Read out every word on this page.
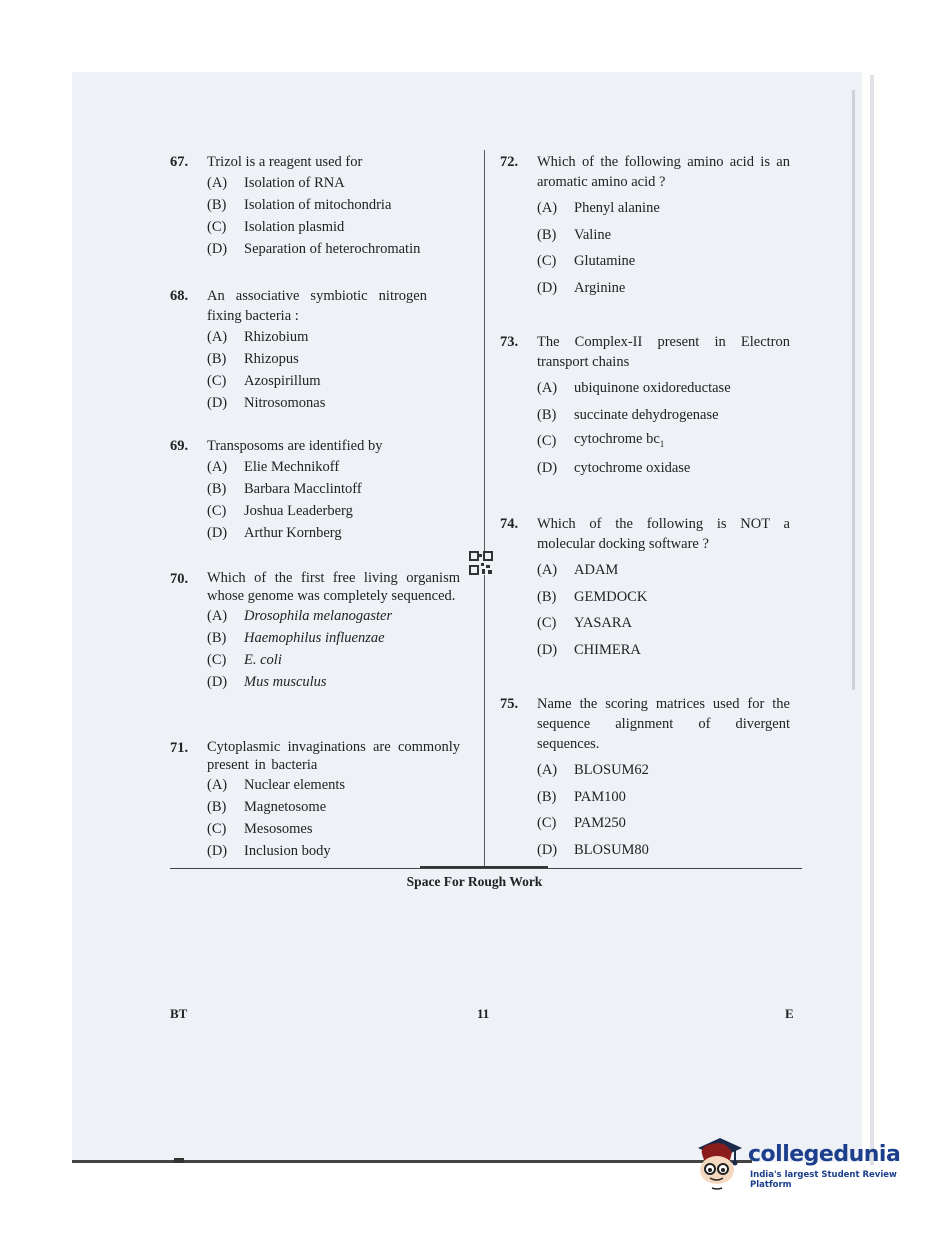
67. Trizol is a reagent used for
(A)	Isolation of RNA
(B)	Isolation of mitochondria
(C)	Isolation plasmid
(D)	Separation of heterochromatin
68. An associative symbiotic nitrogen fixing bacteria :
(A)	Rhizobium
(B)	Rhizopus
(C)	Azospirillum
(D)	Nitrosomonas
69. Transposoms are identified by
(A)	Elie Mechnikoff
(B)	Barbara Macclintoff
(C)	Joshua Leaderberg
(D)	Arthur Kornberg
70. Which of the first free living organism whose genome was completely sequenced.
(A)	Drosophila melanogaster
(B)	Haemophilus influenzae
(C)	E. coli
(D)	Mus musculus
71. Cytoplasmic invaginations are commonly present in bacteria
(A)	Nuclear elements
(B)	Magnetosome
(C)	Mesosomes
(D)	Inclusion body
72. Which of the following amino acid is an aromatic amino acid ?
(A)	Phenyl alanine
(B)	Valine
(C)	Glutamine
(D)	Arginine
73. The Complex-II present in Electron transport chains
(A)	ubiquinone oxidoreductase
(B)	succinate dehydrogenase
(C)	cytochrome $bc_1$
(D)	cytochrome oxidase
74. Which of the following is NOT a molecular docking software ?
(A)	ADAM
(B)	GEMDOCK
(C)	YASARA
(D)	CHIMERA
75. Name the scoring matrices used for the sequence alignment of divergent sequences.
(A)	BLOSUM62
(B)	PAM100
(C)	PAM250
(D)	BLOSUM80
Space For Rough Work
BT	11	E
collegedunia
India's largest Student Review Platform
